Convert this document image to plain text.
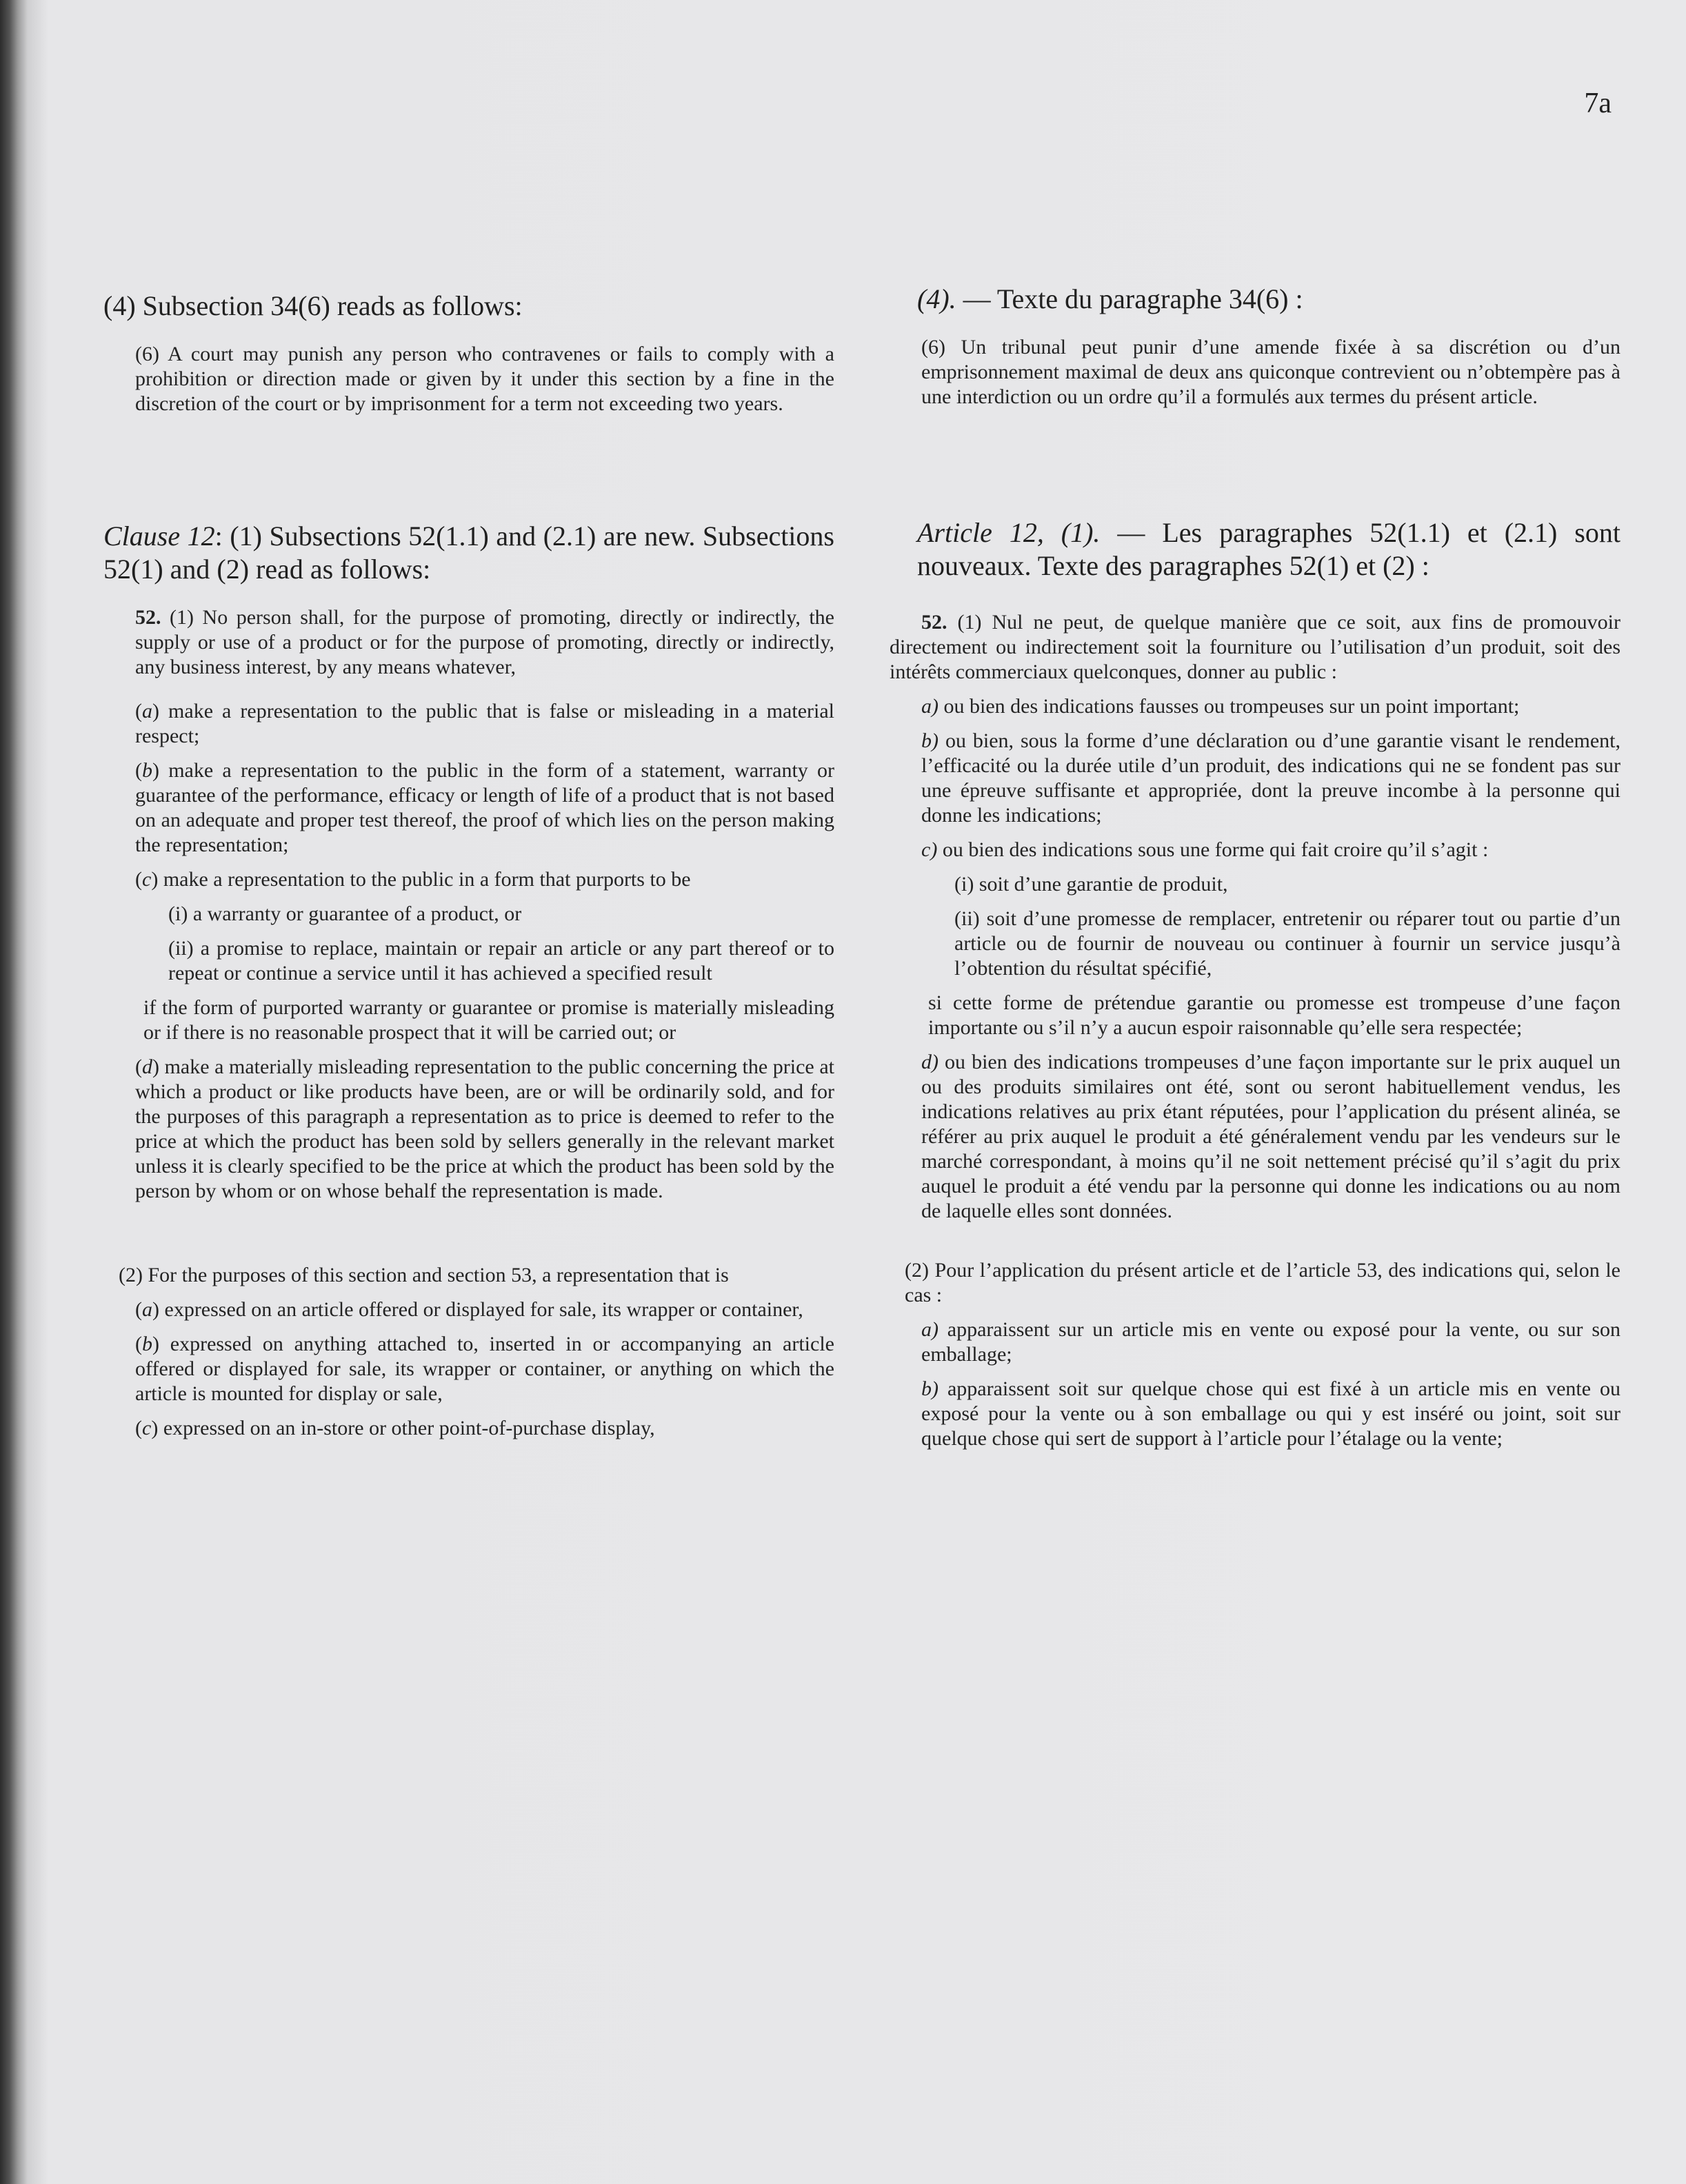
7a

(4) Subsection 34(6) reads as follows:

(6) A court may punish any person who contravenes or fails to comply with a prohibition or direction made or given by it under this section by a fine in the discretion of the court or by imprisonment for a term not exceeding two years.

Clause 12: (1) Subsections 52(1.1) and (2.1) are new. Subsections 52(1) and (2) read as follows:

52. (1) No person shall, for the purpose of promoting, directly or indirectly, the supply or use of a product or for the purpose of promoting, directly or indirectly, any business interest, by any means whatever,

(a) make a representation to the public that is false or misleading in a material respect;

(b) make a representation to the public in the form of a statement, warranty or guarantee of the performance, efficacy or length of life of a product that is not based on an adequate and proper test thereof, the proof of which lies on the person making the representation;

(c) make a representation to the public in a form that purports to be

(i) a warranty or guarantee of a product, or

(ii) a promise to replace, maintain or repair an article or any part thereof or to repeat or continue a service until it has achieved a specified result

if the form of purported warranty or guarantee or promise is materially misleading or if there is no reasonable prospect that it will be carried out; or

(d) make a materially misleading representation to the public concerning the price at which a product or like products have been, are or will be ordinarily sold, and for the purposes of this paragraph a representation as to price is deemed to refer to the price at which the product has been sold by sellers generally in the relevant market unless it is clearly specified to be the price at which the product has been sold by the person by whom or on whose behalf the representation is made.

(2) For the purposes of this section and section 53, a representation that is

(a) expressed on an article offered or displayed for sale, its wrapper or container,

(b) expressed on anything attached to, inserted in or accompanying an article offered or displayed for sale, its wrapper or container, or anything on which the article is mounted for display or sale,

(c) expressed on an in-store or other point-of-purchase display,

(4). — Texte du paragraphe 34(6) :

(6) Un tribunal peut punir d’une amende fixée à sa discrétion ou d’un emprisonnement maximal de deux ans quiconque contrevient ou n’obtempère pas à une interdiction ou un ordre qu’il a formulés aux termes du présent article.

Article 12, (1). — Les paragraphes 52(1.1) et (2.1) sont nouveaux. Texte des paragraphes 52(1) et (2) :

52. (1) Nul ne peut, de quelque manière que ce soit, aux fins de promouvoir directement ou indirectement soit la fourniture ou l’utilisation d’un produit, soit des intérêts commerciaux quelconques, donner au public :

a) ou bien des indications fausses ou trompeuses sur un point important;

b) ou bien, sous la forme d’une déclaration ou d’une garantie visant le rendement, l’efficacité ou la durée utile d’un produit, des indications qui ne se fondent pas sur une épreuve suffisante et appropriée, dont la preuve incombe à la personne qui donne les indications;

c) ou bien des indications sous une forme qui fait croire qu’il s’agit :

(i) soit d’une garantie de produit,

(ii) soit d’une promesse de remplacer, entretenir ou réparer tout ou partie d’un article ou de fournir de nouveau ou continuer à fournir un service jusqu’à l’obtention du résultat spécifié,

si cette forme de prétendue garantie ou promesse est trompeuse d’une façon importante ou s’il n’y a aucun espoir raisonnable qu’elle sera respectée;

d) ou bien des indications trompeuses d’une façon importante sur le prix auquel un ou des produits similaires ont été, sont ou seront habituellement vendus, les indications relatives au prix étant réputées, pour l’application du présent alinéa, se référer au prix auquel le produit a été généralement vendu par les vendeurs sur le marché correspondant, à moins qu’il ne soit nettement précisé qu’il s’agit du prix auquel le produit a été vendu par la personne qui donne les indications ou au nom de laquelle elles sont données.

(2) Pour l’application du présent article et de l’article 53, des indications qui, selon le cas :

a) apparaissent sur un article mis en vente ou exposé pour la vente, ou sur son emballage;

b) apparaissent soit sur quelque chose qui est fixé à un article mis en vente ou exposé pour la vente ou à son emballage ou qui y est inséré ou joint, soit sur quelque chose qui sert de support à l’article pour l’étalage ou la vente;
